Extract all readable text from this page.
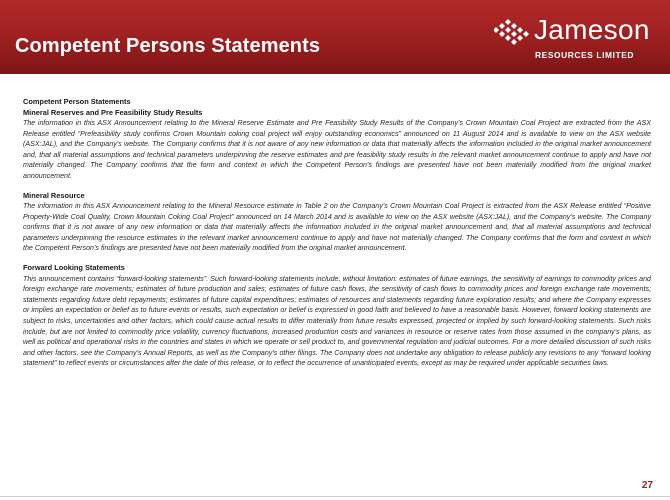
Competent Persons Statements
Jameson
RESOURCES LIMITED
Competent Person Statements
Mineral Reserves and Pre Feasibility Study Results

The information in this ASX Announcement relating to the Mineral Reserve Estimate and Pre Feasibility Study Results of the Company’s Crown Mountain Coal Project are extracted from the ASX Release entitled “Prefeasibility study confirms Crown Mountain coking coal project will enjoy outstanding economics” announced on 11 August 2014 and is available to view on the ASX website (ASX:JAL), and the Company’s website. The Company confirms that it is not aware of any new information or data that materially affects the information included in the original market announcement and, that all material assumptions and technical parameters underpinning the reserve estimates and pre feasibility study results in the relevant market announcement continue to apply and have not materially changed. The Company confirms that the form and context in which the Competent Person’s findings are presented have not been materially modified from the original market announcement.

Mineral Resource

The information in this ASX Announcement relating to the Mineral Resource estimate in Table 2 on the Company’s Crown Mountain Coal Project is extracted from the ASX Release entitled “Positive Property-Wide Coal Quality, Crown Mountain Coking Coal Project” announced on 14 March 2014 and is available to view on the ASX website (ASX:JAL), and the Company’s website. The Company confirms that it is not aware of any new information or data that materially affects the information included in the original market announcement and, that all material assumptions and technical parameters underpinning the resource estimates in the relevant market announcement continue to apply and have not materially changed. The Company confirms that the form and context in which the Competent Person’s findings are presented have not been materially modified from the original market announcement.

Forward Looking Statements

This announcement contains “forward-looking statements”. Such forward-looking statements include, without limitation: estimates of future earnings, the sensitivity of earnings to commodity prices and foreign exchange rate movements; estimates of future production and sales; estimates of future cash flows, the sensitivity of cash flows to commodity prices and foreign exchange rate movements; statements regarding future debt repayments; estimates of future capital expenditures; estimates of resources and statements regarding future exploration results; and where the Company expresses or implies an expectation or belief as to future events or results, such expectation or belief is expressed in good faith and believed to have a reasonable basis. However, forward looking statements are subject to risks, uncertainties and other factors, which could cause actual results to differ materially from future results expressed, projected or implied by such forward-looking statements. Such risks include, but are not limited to commodity price volatility, currency fluctuations, increased production costs and variances in resource or reserve rates from those assumed in the company’s plans, as well as political and operational risks in the countries and states in which we operate or sell product to, and governmental regulation and judicial outcomes. For a more detailed discussion of such risks and other factors, see the Company’s Annual Reports, as well as the Company’s other filings. The Company does not undertake any obligation to release publicly any revisions to any “forward looking statement” to reflect events or circumstances after the date of this release, or to reflect the occurrence of unanticipated events, except as may be required under applicable securities laws.

27
